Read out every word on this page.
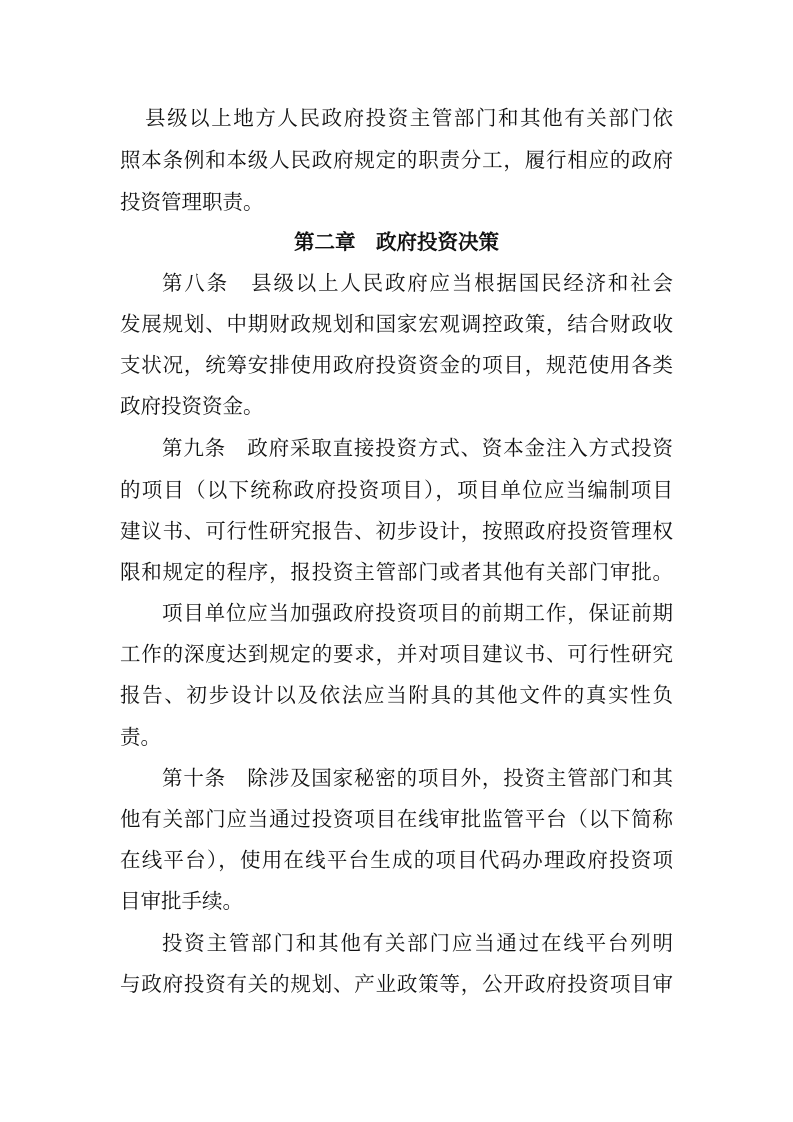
县级以上地方人民政府投资主管部门和其他有关部门依
照本条例和本级人民政府规定的职责分工，履行相应的政府
投资管理职责。
第二章　政府投资决策
第八条　县级以上人民政府应当根据国民经济和社会
发展规划、中期财政规划和国家宏观调控政策，结合财政收
支状况，统筹安排使用政府投资资金的项目，规范使用各类
政府投资资金。
第九条　政府采取直接投资方式、资本金注入方式投资
的项目（以下统称政府投资项目），项目单位应当编制项目
建议书、可行性研究报告、初步设计，按照政府投资管理权
限和规定的程序，报投资主管部门或者其他有关部门审批。
项目单位应当加强政府投资项目的前期工作，保证前期
工作的深度达到规定的要求，并对项目建议书、可行性研究
报告、初步设计以及依法应当附具的其他文件的真实性负
责。
第十条　除涉及国家秘密的项目外，投资主管部门和其
他有关部门应当通过投资项目在线审批监管平台（以下简称
在线平台），使用在线平台生成的项目代码办理政府投资项
目审批手续。
投资主管部门和其他有关部门应当通过在线平台列明
与政府投资有关的规划、产业政策等，公开政府投资项目审
